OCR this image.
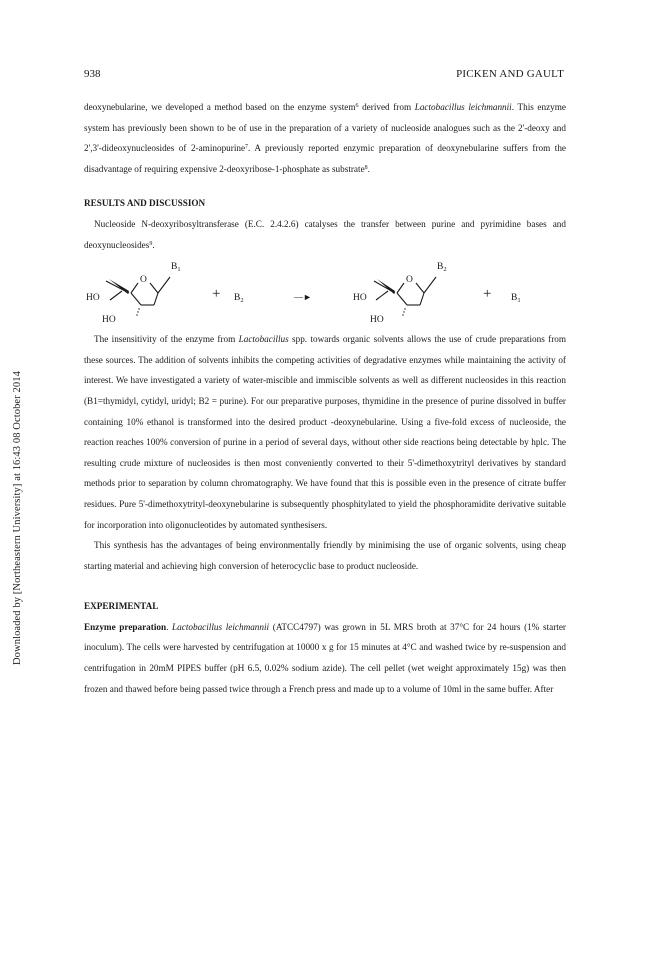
938	PICKEN AND GAULT
Downloaded by [Northeastern University] at 16:43 08 October 2014

deoxynebularine, we developed a method based on the enzyme system$^6$ derived from Lactobacillus leichmannii. This enzyme system has previously been shown to be of use in the preparation of a variety of nucleoside analogues such as the 2'-deoxy and 2',3'-dideoxynucleosides of 2-aminopurine$^7$. A previously reported enzymic preparation of deoxynebularine suffers from the disadvantage of requiring expensive 2-deoxyribose-1-phosphate as substrate$^8$.

RESULTS AND DISCUSSION

Nucleoside N-deoxyribosyltransferase (E.C. 2.4.2.6) catalyses the transfer between purine and pyrimidine bases and deoxynucleosides$^9$.

O
$B_1$
HO
HO
+ $B_2$	—►
O
$B_2$
HO
HO
+ $B_1$

The insensitivity of the enzyme from Lactobacillus spp. towards organic solvents allows the use of crude preparations from these sources. The addition of solvents inhibits the competing activities of degradative enzymes while maintaining the activity of interest. We have investigated a variety of water-miscible and immiscible solvents as well as different nucleosides in this reaction (B1=thymidyl, cytidyl, uridyl; B2 = purine). For our preparative purposes, thymidine in the presence of purine dissolved in buffer containing 10% ethanol is transformed into the desired product -deoxynebularine. Using a five-fold excess of nucleoside, the reaction reaches 100% conversion of purine in a period of several days, without other side reactions being detectable by hplc. The resulting crude mixture of nucleosides is then most conveniently converted to their 5'-dimethoxytrityl derivatives by standard methods prior to separation by column chromatography. We have found that this is possible even in the presence of citrate buffer residues. Pure 5'-dimethoxytrityl-deoxynebularine is subsequently phosphitylated to yield the phosphoramidite derivative suitable for incorporation into oligonucleotides by automated synthesisers.

This synthesis has the advantages of being environmentally friendly by minimising the use of organic solvents, using cheap starting material and achieving high conversion of heterocyclic base to product nucleoside.

EXPERIMENTAL

Enzyme preparation. Lactobacillus leichmannii (ATCC4797) was grown in 5L MRS broth at 37°C for 24 hours (1% starter inoculum). The cells were harvested by centrifugation at 10000 x g for 15 minutes at 4°C and washed twice by re-suspension and centrifugation in 20mM PIPES buffer (pH 6.5, 0.02% sodium azide). The cell pellet (wet weight approximately 15g) was then frozen and thawed before being passed twice through a French press and made up to a volume of 10ml in the same buffer. After
